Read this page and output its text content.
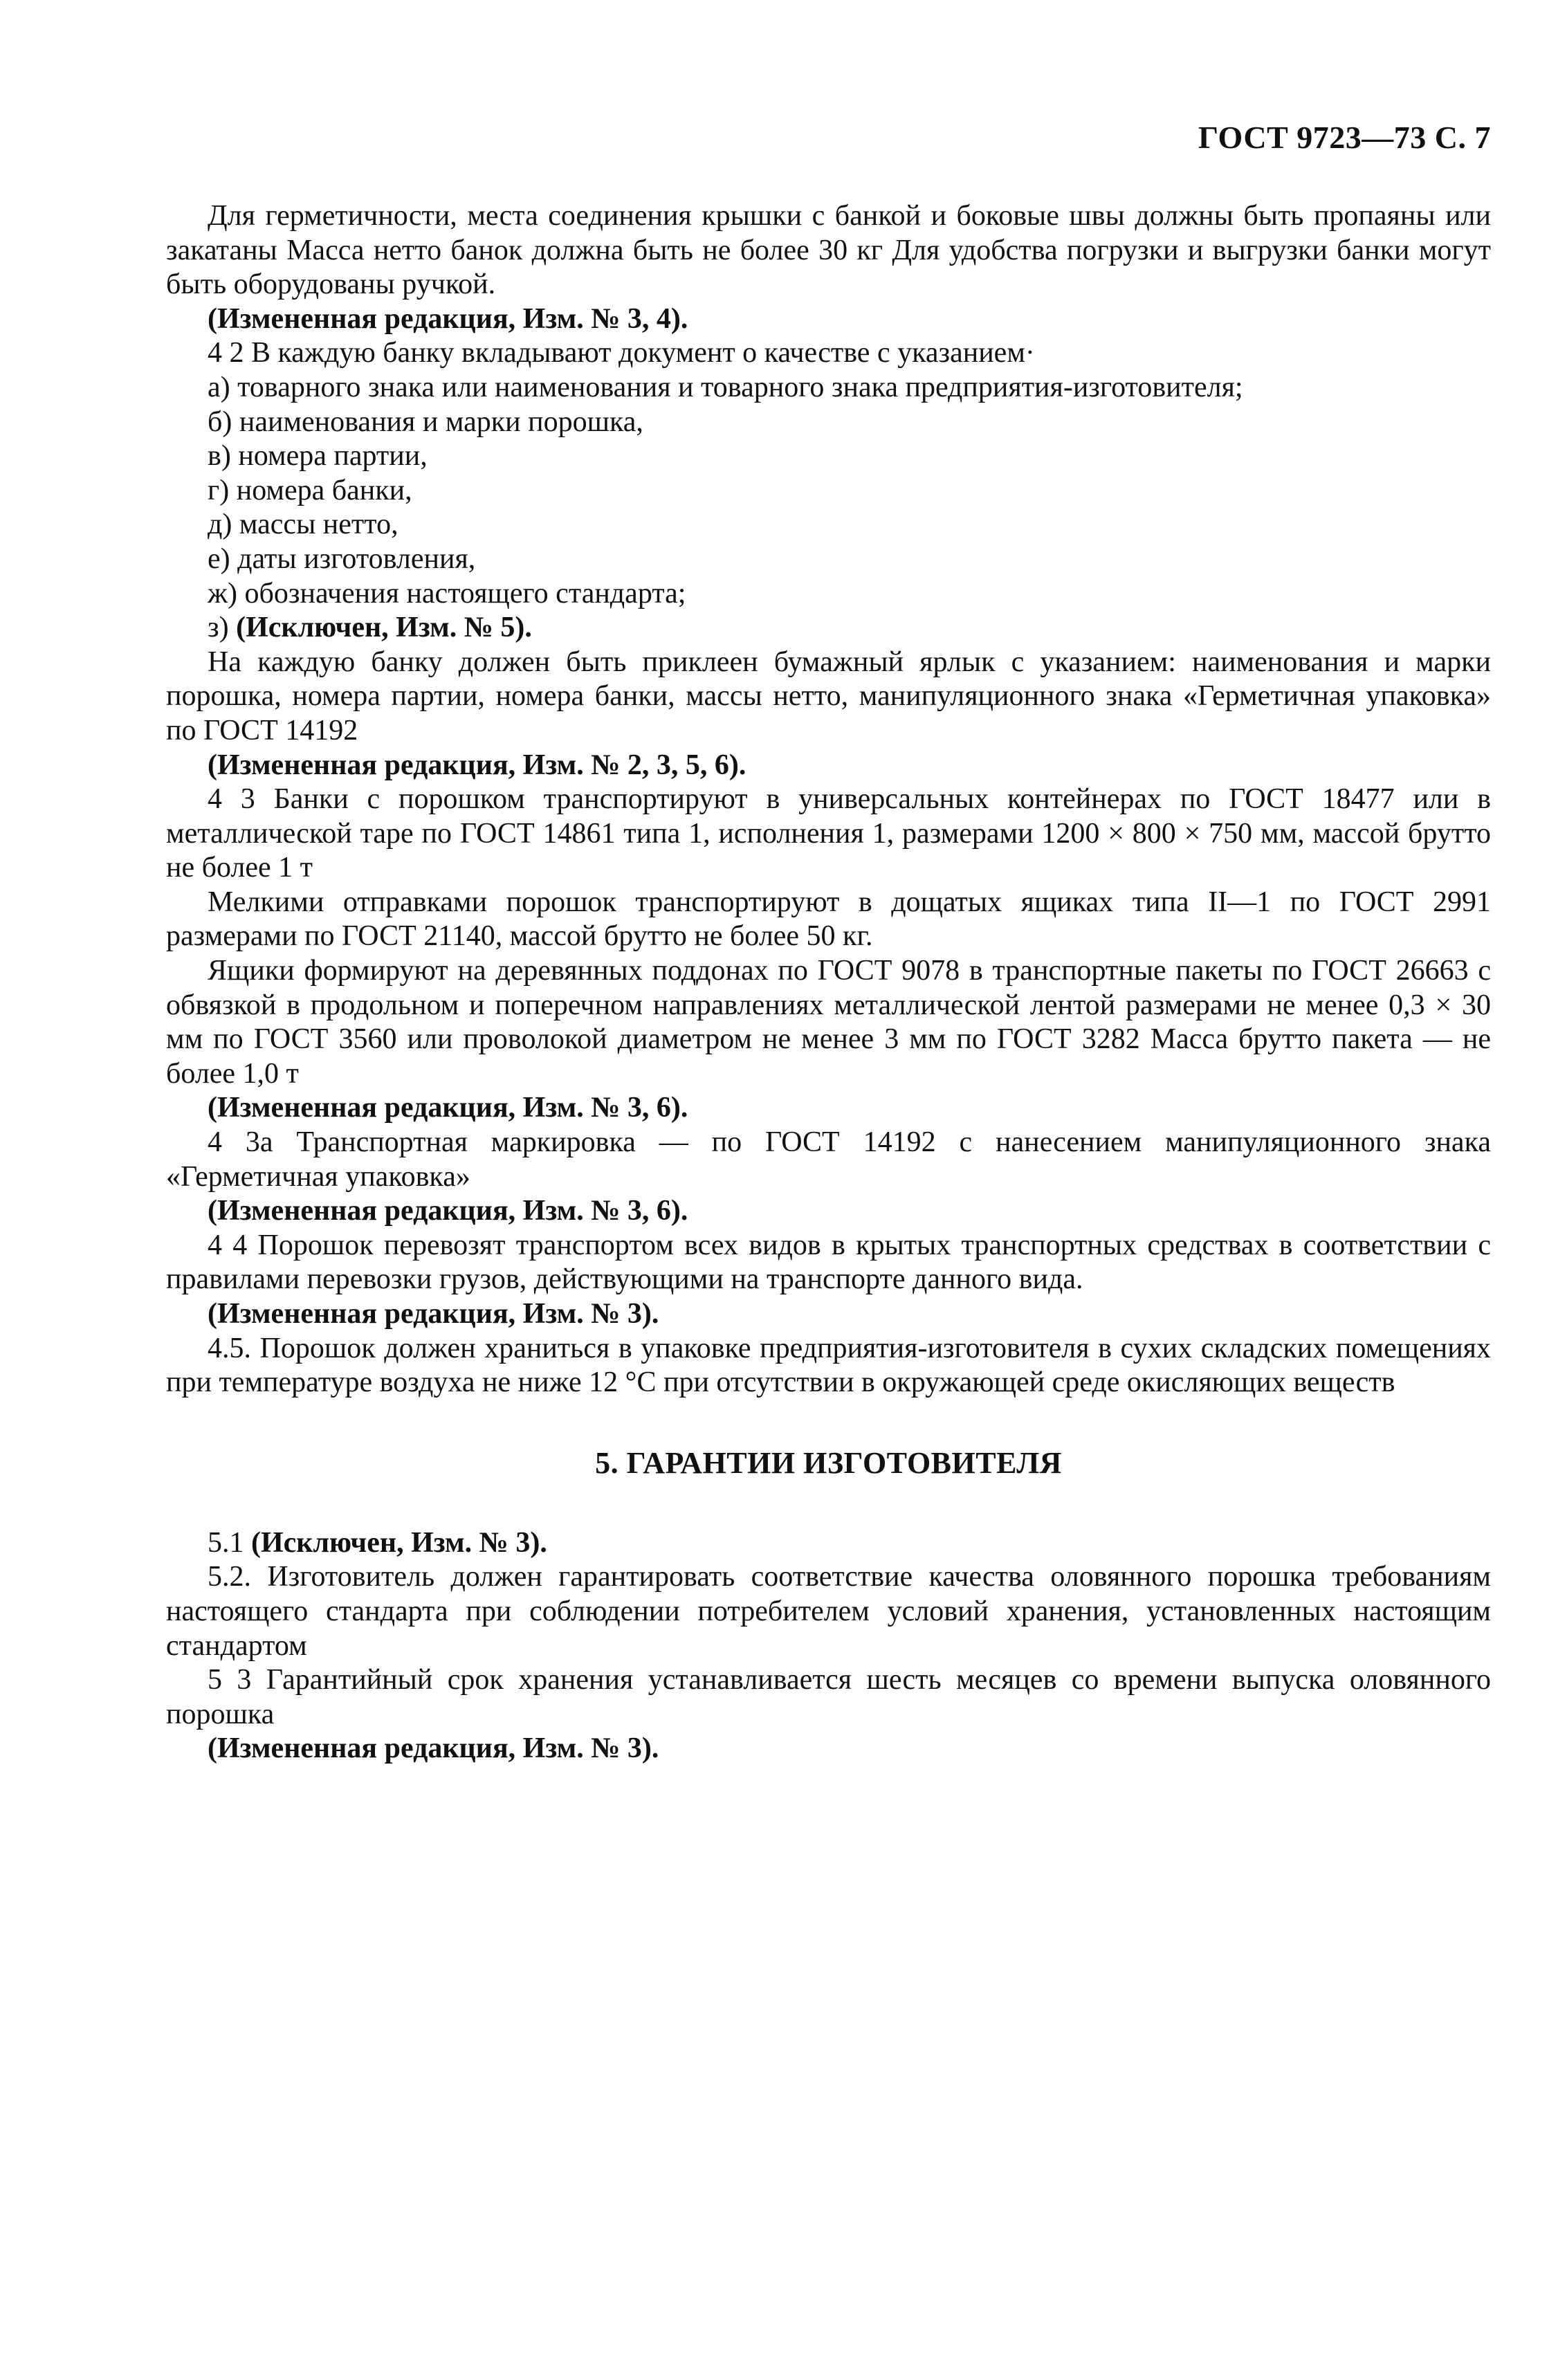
ГОСТ 9723—73 С. 7

Для герметичности, места соединения крышки с банкой и боковые швы должны быть пропаяны или закатаны Масса нетто банок должна быть не более 30 кг Для удобства погрузки и выгрузки банки могут быть оборудованы ручкой.

(Измененная редакция, Изм. № 3, 4).

4 2 В каждую банку вкладывают документ о качестве с указанием·

а) товарного знака или наименования и товарного знака предприятия-изготовителя;

б) наименования и марки порошка,

в) номера партии,

г) номера банки,

д) массы нетто,

е) даты изготовления,

ж) обозначения настоящего стандарта;

з) (Исключен, Изм. № 5).

На каждую банку должен быть приклеен бумажный ярлык с указанием: наименования и марки порошка, номера партии, номера банки, массы нетто, манипуляционного знака «Герметичная упаковка» по ГОСТ 14192

(Измененная редакция, Изм. № 2, 3, 5, 6).

4 3 Банки с порошком транспортируют в универсальных контейнерах по ГОСТ 18477 или в металлической таре по ГОСТ 14861 типа 1, исполнения 1, размерами 1200 × 800 × 750 мм, массой брутто не более 1 т

Мелкими отправками порошок транспортируют в дощатых ящиках типа II—1 по ГОСТ 2991 размерами по ГОСТ 21140, массой брутто не более 50 кг.

Ящики формируют на деревянных поддонах по ГОСТ 9078 в транспортные пакеты по ГОСТ 26663 с обвязкой в продольном и поперечном направлениях металлической лентой размерами не менее 0,3 × 30 мм по ГОСТ 3560 или проволокой диаметром не менее 3 мм по ГОСТ 3282 Масса брутто пакета — не более 1,0 т

(Измененная редакция, Изм. № 3, 6).

4 3а Транспортная маркировка — по ГОСТ 14192 с нанесением манипуляционного знака «Герметичная упаковка»

(Измененная редакция, Изм. № 3, 6).

4 4 Порошок перевозят транспортом всех видов в крытых транспортных средствах в соответствии с правилами перевозки грузов, действующими на транспорте данного вида.

(Измененная редакция, Изм. № 3).

4.5. Порошок должен храниться в упаковке предприятия-изготовителя в сухих складских помещениях при температуре воздуха не ниже 12 °С при отсутствии в окружающей среде окисляющих веществ

5. ГАРАНТИИ ИЗГОТОВИТЕЛЯ

5.1 (Исключен, Изм. № 3).

5.2. Изготовитель должен гарантировать соответствие качества оловянного порошка требованиям настоящего стандарта при соблюдении потребителем условий хранения, установленных настоящим стандартом

5 3 Гарантийный срок хранения устанавливается шесть месяцев со времени выпуска оловянного порошка

(Измененная редакция, Изм. № 3).
